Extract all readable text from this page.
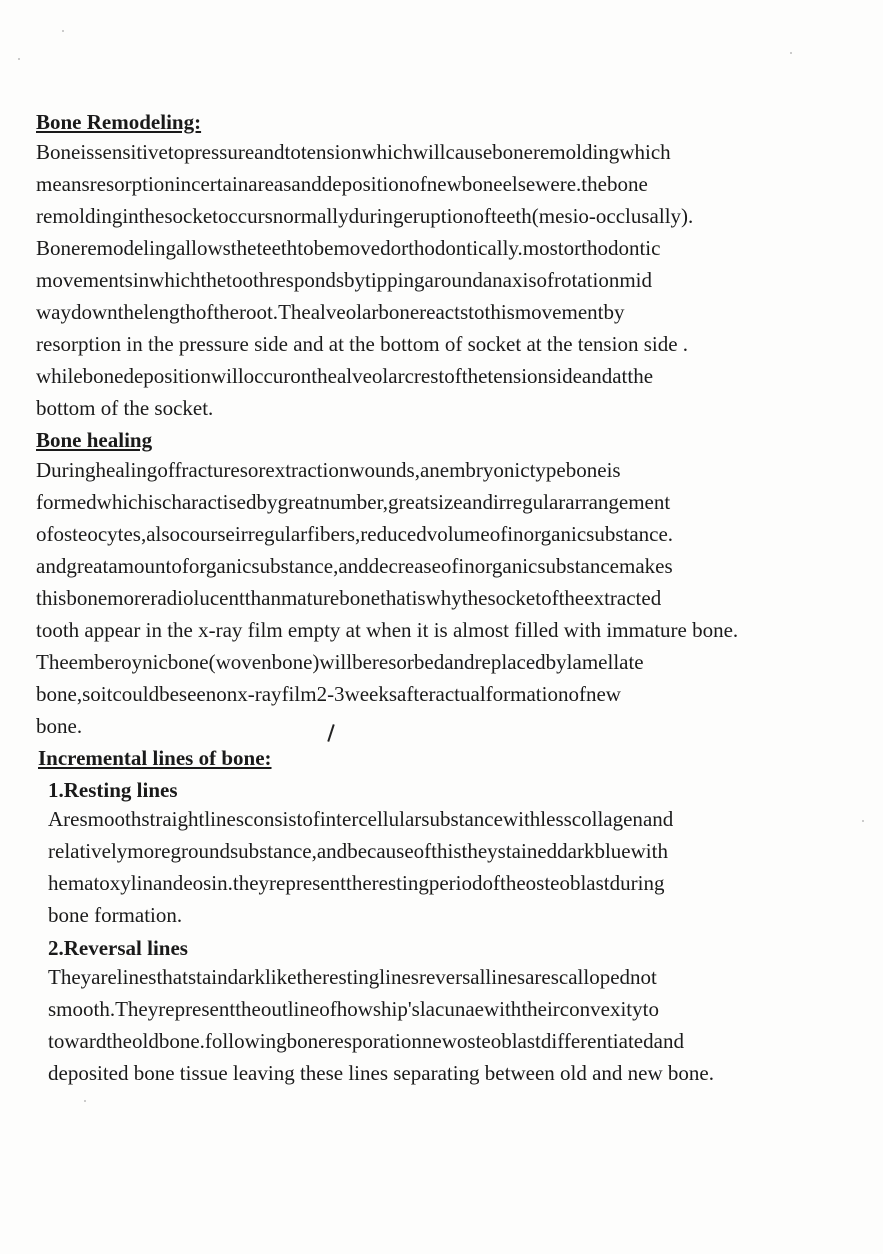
Bone Remodeling:
Boneissensitivetopressureandtotensionwhichwillcauseboneremoldingwhich
meansresorptionincertainareasanddepositionofnewboneelsewere.thebone
remoldinginthesocketoccursnormallyduringeruptionofteeth(mesio-occlusally).
Boneremodelingallowstheteethtobemovedorthodontically.mostorthodontic
movementsinwhichthetoothrespondsbytippingaroundanaxisofrotationmid
waydownthelengthoftheroot.Thealveolarbonereactstothismovementby
resorption in the pressure side and at the bottom of socket at the tension side .
whilebonedepositionwilloccuronthealveolarcrestofthetensionsideandatthe
bottom of the socket.
Bone healing
Duringhealingoffracturesorextractionwounds,anembryonictypeboneis
formedwhichischaractisedbygreatnumber,greatsizeandirregulararrangement
ofosteocytes,alsocourseirregularfibers,reducedvolumeofinorganicsubstance.
andgreatamountoforganicsubstance,anddecreaseofinorganicsubstancemakes
thisbonemoreradiolucentthanmaturebonethatiswhythesocketoftheextracted
tooth appear in the x-ray film empty at when it is almost filled with immature bone.
Theemberoynicbone(wovenbone)willberesorbedandreplacedbylamellate
bone,soitcouldbeseenonx-rayfilm2-3weeksafteractualformationofnew
bone.
Incremental lines of bone:
1.Resting lines
Aresmoothstraightlinesconsistofintercellularsubstancewithlesscollagenand
relativelymoregroundsubstance,andbecauseofthistheystaineddarkbluewith
hematoxylinandeosin.theyrepresenttherestingperiodoftheosteoblastduring
bone formation.
2.Reversal lines
Theyarelinesthatstaindarkliketherestinglinesreversallinesarescallopednot
smooth.Theyrepresenttheoutlineofhowship'slacunaewiththeirconvexityto
towardtheoldbone.followingboneresporationnewosteoblastdifferentiatedand
deposited bone tissue leaving these lines separating between old and new bone.
